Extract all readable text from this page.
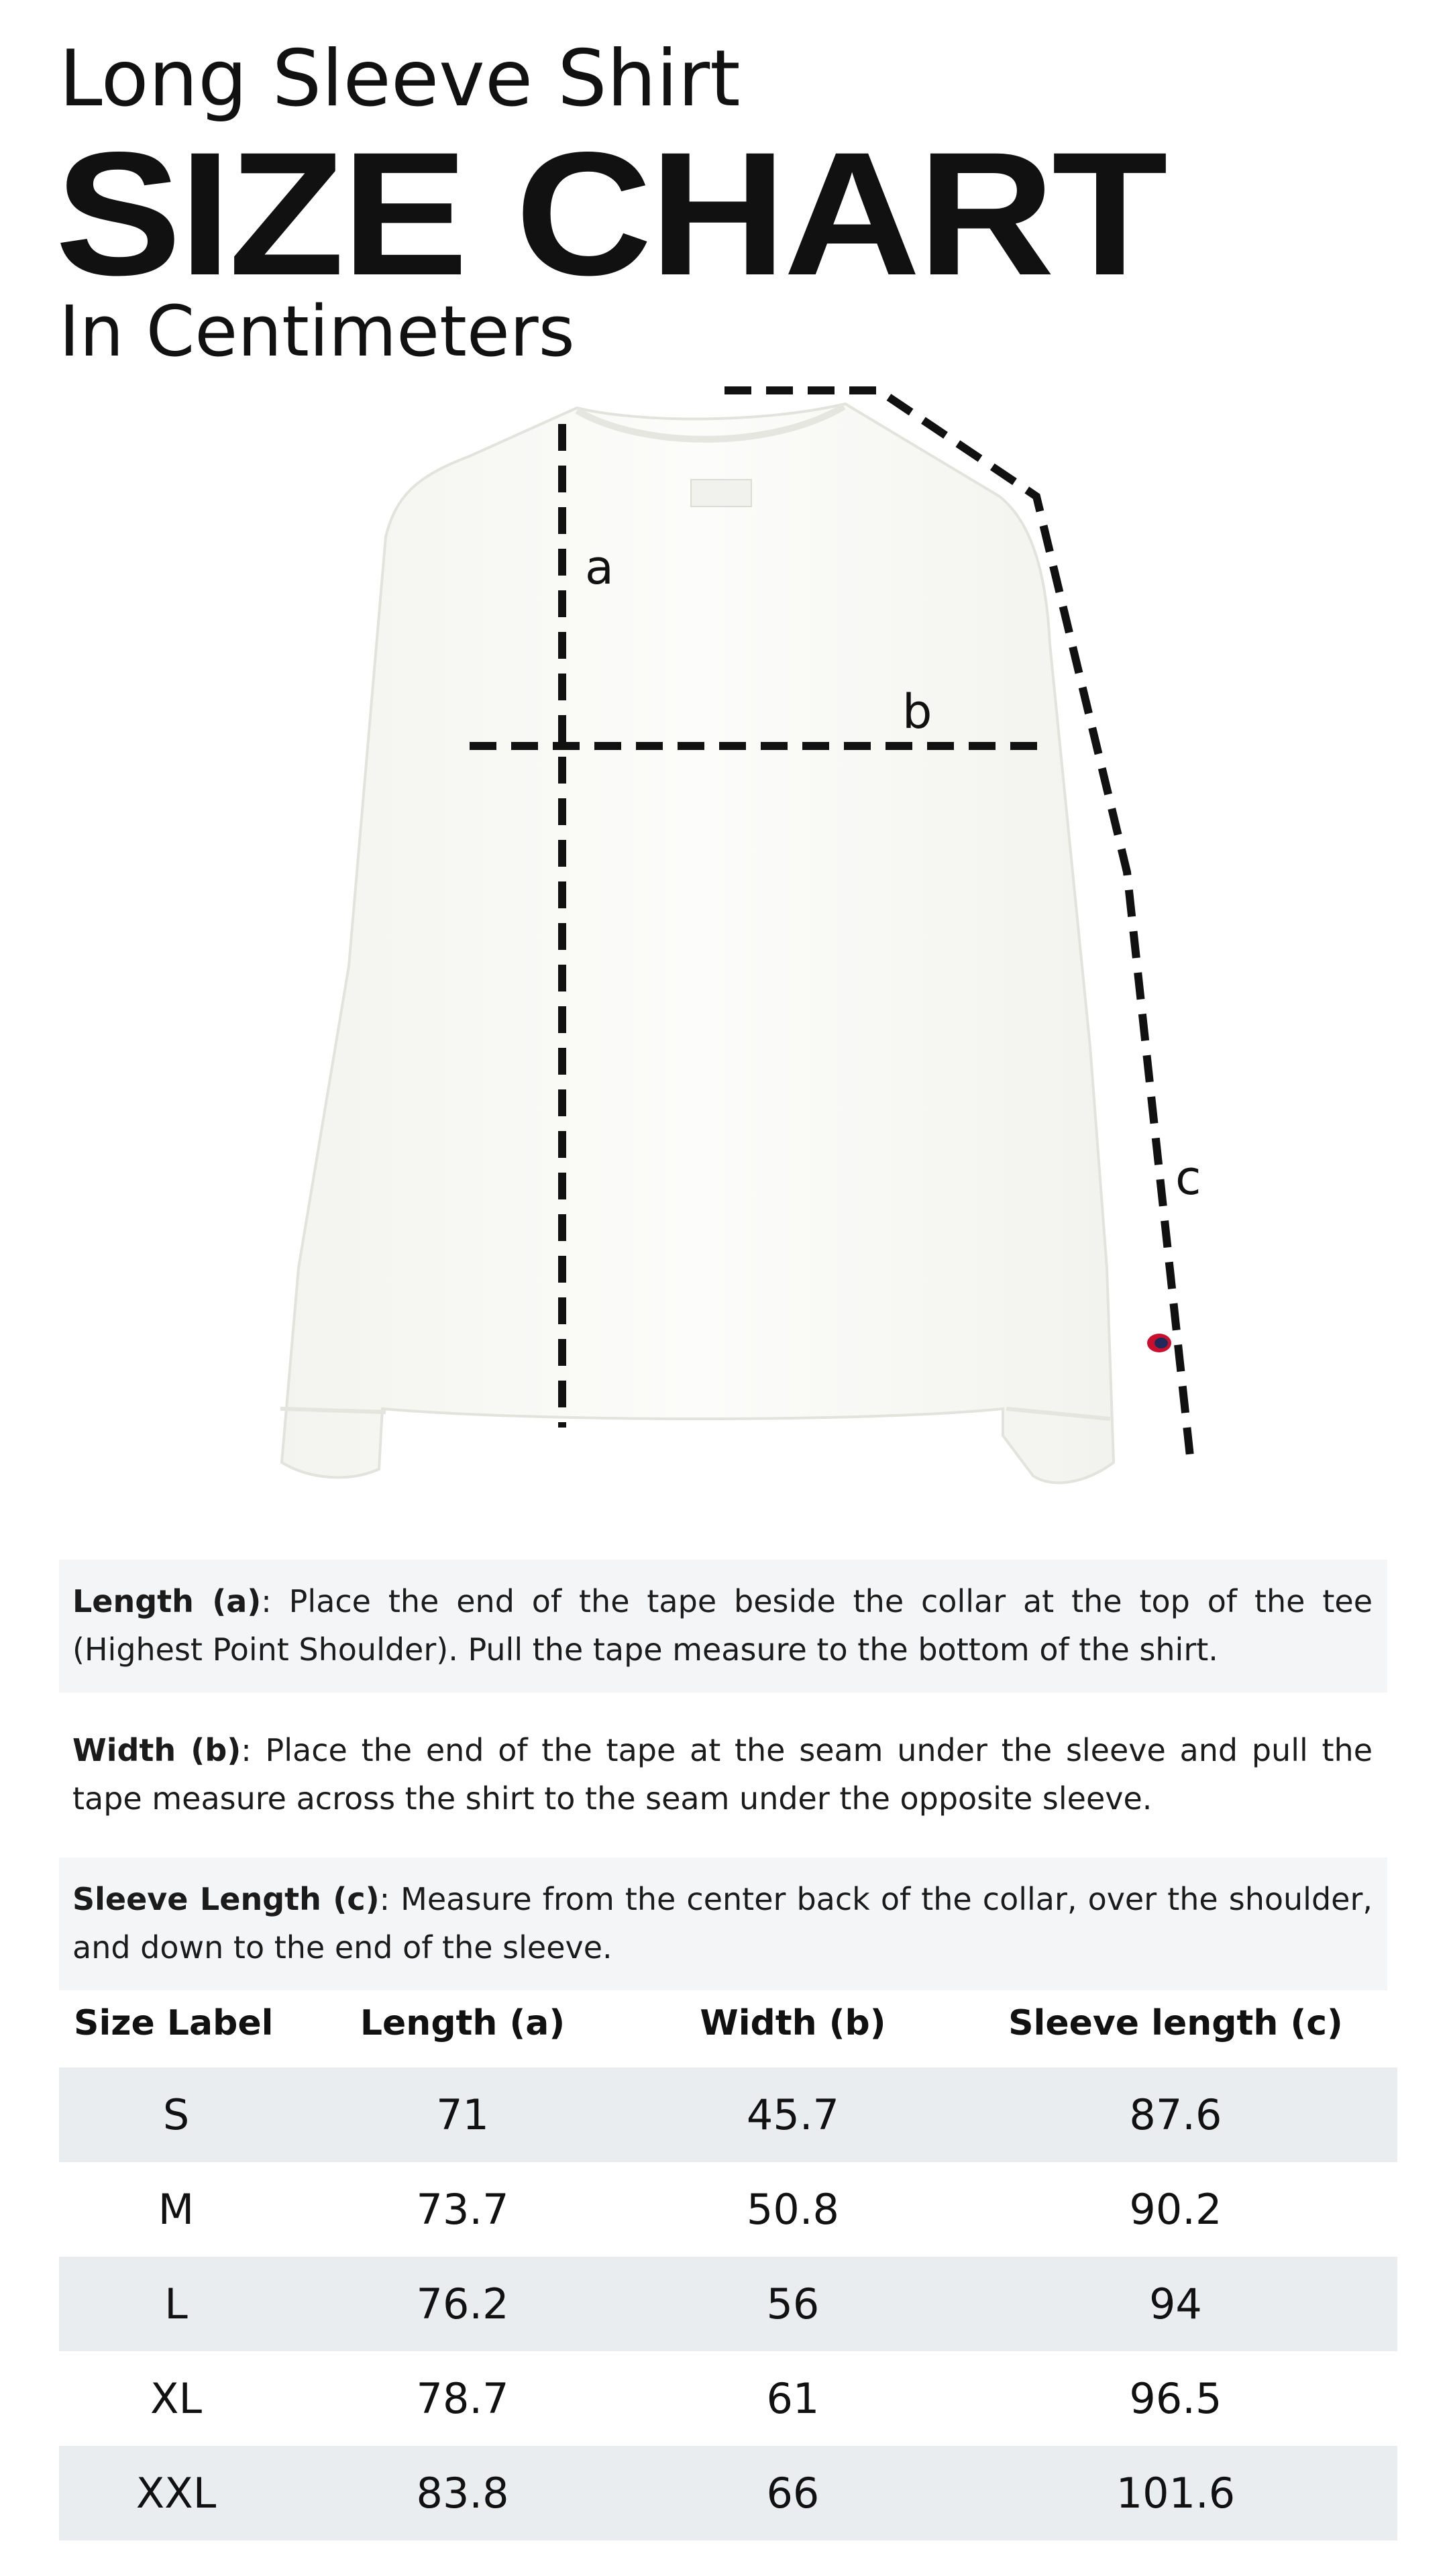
Long Sleeve Shirt
SIZE CHART
In Centimeters
a
b
c
Length (a): Place the end of the tape beside the collar at the top of the tee (Highest Point Shoulder). Pull the tape measure to the bottom of the shirt.
Width (b): Place the end of the tape at the seam under the sleeve and pull the tape measure across the shirt to the seam under the opposite sleeve.
Sleeve Length (c): Measure from the center back of the collar, over the shoulder, and down to the end of the sleeve.
Size Label	Length (a)	Width (b)	Sleeve length (c)
S	71	45.7	87.6
M	73.7	50.8	90.2
L	76.2	56	94
XL	78.7	61	96.5
XXL	83.8	66	101.6
